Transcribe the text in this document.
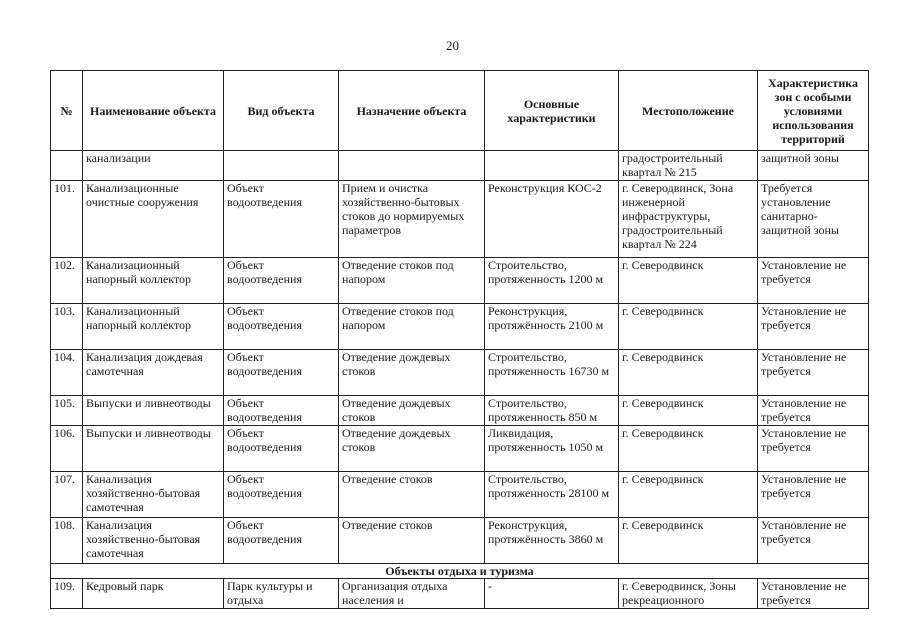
20
№	Наименование объекта	Вид объекта	Назначение объекта	Основные характеристики	Местоположение	Характеристика зон с особыми условиями использования территорий
	канализации				градостроительный квартал № 215	защитной зоны
101.	Канализационные очистные сооружения	Объект водоотведения	Прием и очистка хозяйственно-бытовых стоков до нормируемых параметров	Реконструкция КОС-2	г. Северодвинск, Зона инженерной инфраструктуры, градостроительный квартал № 224	Требуется установление санитарно-защитной зоны
102.	Канализационный напорный коллектор	Объект водоотведения	Отведение стоков под напором	Строительство, протяженность 1200 м	г. Северодвинск	Установление не требуется
103.	Канализационный напорный коллектор	Объект водоотведения	Отведение стоков под напором	Реконструкция, протяжённость 2100 м	г. Северодвинск	Установление не требуется
104.	Канализация дождевая самотечная	Объект водоотведения	Отведение дождевых стоков	Строительство, протяженность 16730 м	г. Северодвинск	Установление не требуется
105.	Выпуски и ливнеотводы	Объект водоотведения	Отведение дождевых стоков	Строительство, протяженность 850 м	г. Северодвинск	Установление не требуется
106.	Выпуски и ливнеотводы	Объект водоотведения	Отведение дождевых стоков	Ликвидация, протяженность 1050 м	г. Северодвинск	Установление не требуется
107.	Канализация хозяйственно-бытовая самотечная	Объект водоотведения	Отведение стоков	Строительство, протяженность 28100 м	г. Северодвинск	Установление не требуется
108.	Канализация хозяйственно-бытовая самотечная	Объект водоотведения	Отведение стоков	Реконструкция, протяжённость 3860 м	г. Северодвинск	Установление не требуется
Объекты отдыха и туризма						
109.	Кедровый парк	Парк культуры и отдыха	Организация отдыха населения и	-	г. Северодвинск, Зоны рекреационного	Установление не требуется
